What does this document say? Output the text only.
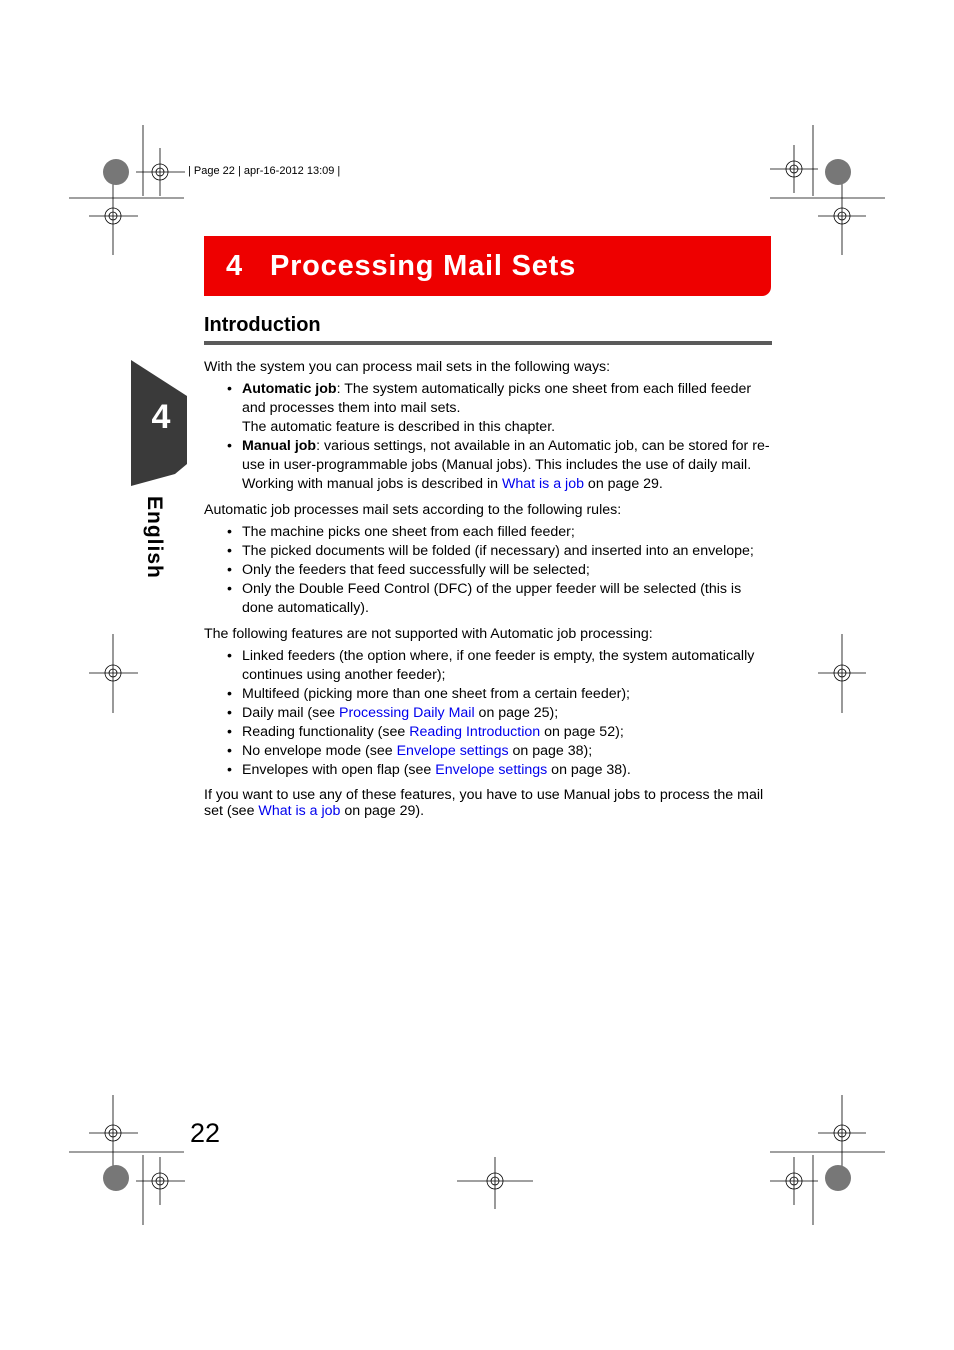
| Page 22 | apr-16-2012 13:09 |
4 Processing Mail Sets
Introduction
4
English

With the system you can process mail sets in the following ways:

• Automatic job: The system automatically picks one sheet from each filled feeder and processes them into mail sets.
The automatic feature is described in this chapter.
• Manual job: various settings, not available in an Automatic job, can be stored for re-use in user-programmable jobs (Manual jobs). This includes the use of daily mail. Working with manual jobs is described in What is a job on page 29.

Automatic job processes mail sets according to the following rules:

• The machine picks one sheet from each filled feeder;
• The picked documents will be folded (if necessary) and inserted into an envelope;
• Only the feeders that feed successfully will be selected;
• Only the Double Feed Control (DFC) of the upper feeder will be selected (this is done automatically).

The following features are not supported with Automatic job processing:

• Linked feeders (the option where, if one feeder is empty, the system automatically continues using another feeder);
• Multifeed (picking more than one sheet from a certain feeder);
• Daily mail (see Processing Daily Mail on page 25);
• Reading functionality (see Reading Introduction on page 52);
• No envelope mode (see Envelope settings on page 38);
• Envelopes with open flap (see Envelope settings on page 38).

If you want to use any of these features, you have to use Manual jobs to process the mail set (see What is a job on page 29).

22
